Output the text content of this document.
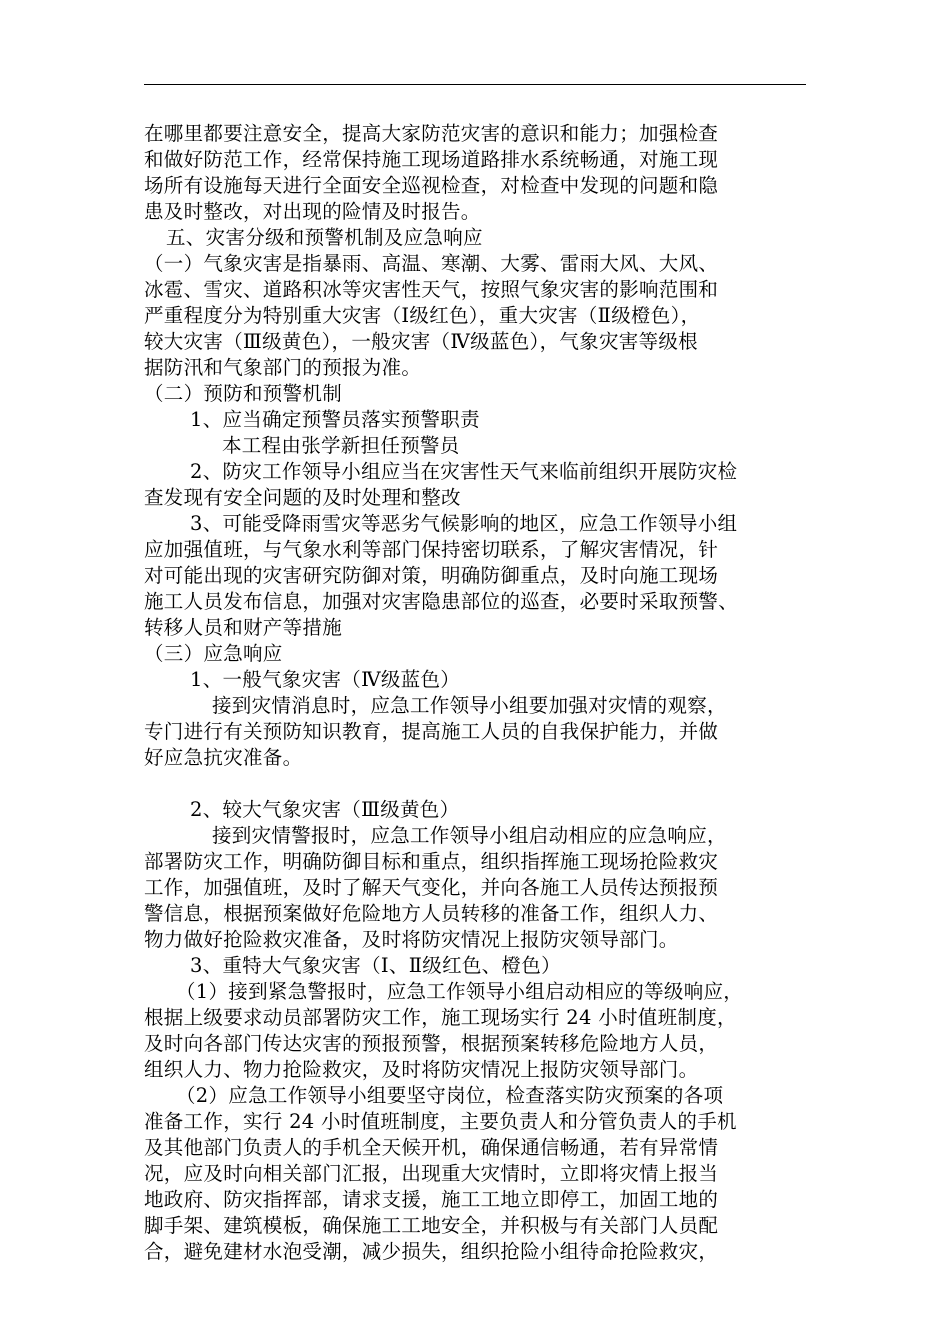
在哪里都要注意安全，提高大家防范灾害的意识和能力；加强检查
和做好防范工作，经常保持施工现场道路排水系统畅通，对施工现
场所有设施每天进行全面安全巡视检查，对检查中发现的问题和隐
患及时整改，对出现的险情及时报告。
五、灾害分级和预警机制及应急响应
（一）气象灾害是指暴雨、高温、寒潮、大雾、雷雨大风、大风、
冰雹、雪灾、道路积冰等灾害性天气，按照气象灾害的影响范围和
严重程度分为特别重大灾害（Ⅰ级红色），重大灾害（Ⅱ级橙色），
较大灾害（Ⅲ级黄色），一般灾害（Ⅳ级蓝色），气象灾害等级根
据防汛和气象部门的预报为准。
（二）预防和预警机制
1、应当确定预警员落实预警职责
本工程由张学新担任预警员
2、防灾工作领导小组应当在灾害性天气来临前组织开展防灾检
查发现有安全问题的及时处理和整改
3、可能受降雨雪灾等恶劣气候影响的地区，应急工作领导小组
应加强值班，与气象水利等部门保持密切联系，了解灾害情况，针
对可能出现的灾害研究防御对策，明确防御重点，及时向施工现场
施工人员发布信息，加强对灾害隐患部位的巡查，必要时采取预警、
转移人员和财产等措施
（三）应急响应
1、一般气象灾害（Ⅳ级蓝色）
接到灾情消息时，应急工作领导小组要加强对灾情的观察，
专门进行有关预防知识教育，提高施工人员的自我保护能力，并做
好应急抗灾准备。
2、较大气象灾害（Ⅲ级黄色）
接到灾情警报时，应急工作领导小组启动相应的应急响应，
部署防灾工作，明确防御目标和重点，组织指挥施工现场抢险救灾
工作，加强值班，及时了解天气变化，并向各施工人员传达预报预
警信息，根据预案做好危险地方人员转移的准备工作，组织人力、
物力做好抢险救灾准备，及时将防灾情况上报防灾领导部门。
3、重特大气象灾害（Ⅰ、Ⅱ级红色、橙色）
（1）接到紧急警报时，应急工作领导小组启动相应的等级响应，
根据上级要求动员部署防灾工作，施工现场实行 24 小时值班制度，
及时向各部门传达灾害的预报预警，根据预案转移危险地方人员，
组织人力、物力抢险救灾，及时将防灾情况上报防灾领导部门。
（2）应急工作领导小组要坚守岗位，检查落实防灾预案的各项
准备工作，实行 24 小时值班制度，主要负责人和分管负责人的手机
及其他部门负责人的手机全天候开机，确保通信畅通，若有异常情
况，应及时向相关部门汇报，出现重大灾情时，立即将灾情上报当
地政府、防灾指挥部，请求支援，施工工地立即停工，加固工地的
脚手架、建筑模板，确保施工工地安全，并积极与有关部门人员配
合，避免建材水泡受潮，减少损失，组织抢险小组待命抢险救灾，
